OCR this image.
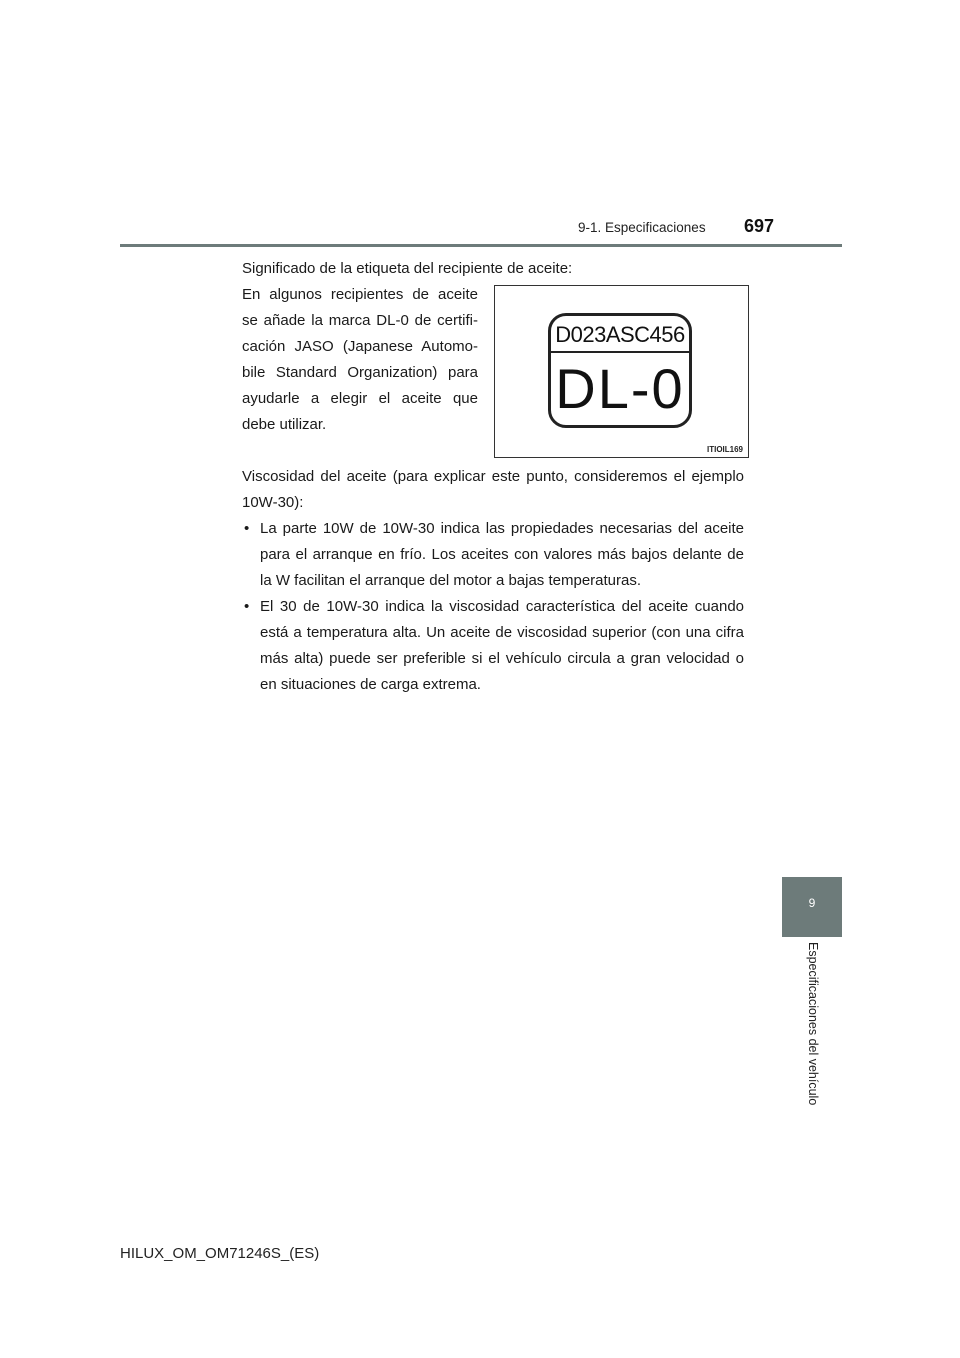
9-1. Especificaciones 697

Significado de la etiqueta del recipiente de aceite:

En algunos recipientes de aceite se añade la marca DL-0 de certifi-cación JASO (Japanese Automo-bile Standard Organization) para ayudarle a elegir el aceite que debe utilizar.

D023ASC456
DL-0
ITIOIL169

Viscosidad del aceite (para explicar este punto, consideremos el ejemplo 10W-30):

• La parte 10W de 10W-30 indica las propiedades necesarias del aceite para el arranque en frío. Los aceites con valores más bajos delante de la W facilitan el arranque del motor a bajas temperaturas.
• El 30 de 10W-30 indica la viscosidad característica del aceite cuando está a temperatura alta. Un aceite de viscosidad superior (con una cifra más alta) puede ser preferible si el vehículo circula a gran velocidad o en situaciones de carga extrema.
9
Especificaciones del vehículo
HILUX_OM_OM71246S_(ES)
